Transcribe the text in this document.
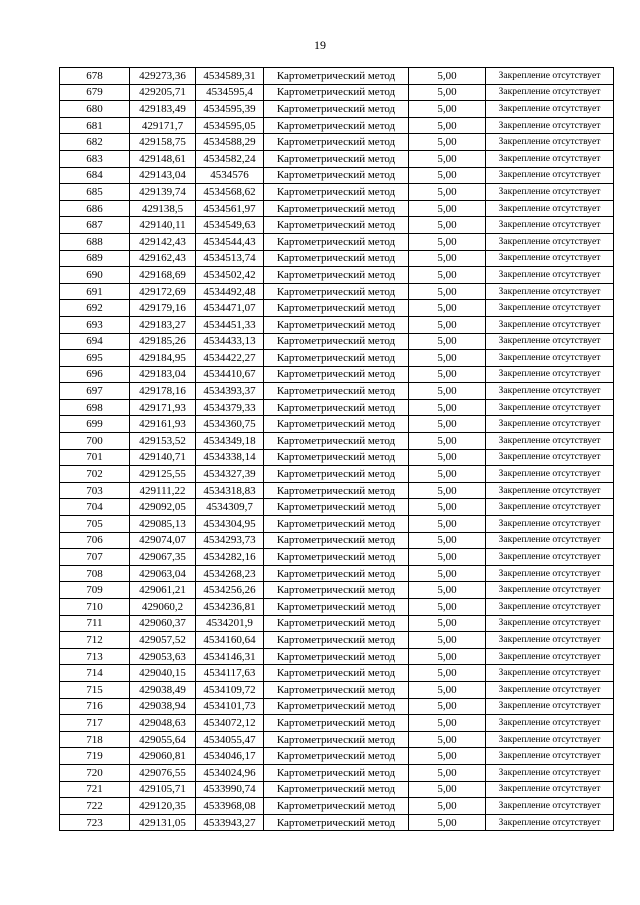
19
678	429273,36	4534589,31	Картометрический метод	5,00	Закрепление отсутствует
679	429205,71	4534595,4	Картометрический метод	5,00	Закрепление отсутствует
680	429183,49	4534595,39	Картометрический метод	5,00	Закрепление отсутствует
681	429171,7	4534595,05	Картометрический метод	5,00	Закрепление отсутствует
682	429158,75	4534588,29	Картометрический метод	5,00	Закрепление отсутствует
683	429148,61	4534582,24	Картометрический метод	5,00	Закрепление отсутствует
684	429143,04	4534576	Картометрический метод	5,00	Закрепление отсутствует
685	429139,74	4534568,62	Картометрический метод	5,00	Закрепление отсутствует
686	429138,5	4534561,97	Картометрический метод	5,00	Закрепление отсутствует
687	429140,11	4534549,63	Картометрический метод	5,00	Закрепление отсутствует
688	429142,43	4534544,43	Картометрический метод	5,00	Закрепление отсутствует
689	429162,43	4534513,74	Картометрический метод	5,00	Закрепление отсутствует
690	429168,69	4534502,42	Картометрический метод	5,00	Закрепление отсутствует
691	429172,69	4534492,48	Картометрический метод	5,00	Закрепление отсутствует
692	429179,16	4534471,07	Картометрический метод	5,00	Закрепление отсутствует
693	429183,27	4534451,33	Картометрический метод	5,00	Закрепление отсутствует
694	429185,26	4534433,13	Картометрический метод	5,00	Закрепление отсутствует
695	429184,95	4534422,27	Картометрический метод	5,00	Закрепление отсутствует
696	429183,04	4534410,67	Картометрический метод	5,00	Закрепление отсутствует
697	429178,16	4534393,37	Картометрический метод	5,00	Закрепление отсутствует
698	429171,93	4534379,33	Картометрический метод	5,00	Закрепление отсутствует
699	429161,93	4534360,75	Картометрический метод	5,00	Закрепление отсутствует
700	429153,52	4534349,18	Картометрический метод	5,00	Закрепление отсутствует
701	429140,71	4534338,14	Картометрический метод	5,00	Закрепление отсутствует
702	429125,55	4534327,39	Картометрический метод	5,00	Закрепление отсутствует
703	429111,22	4534318,83	Картометрический метод	5,00	Закрепление отсутствует
704	429092,05	4534309,7	Картометрический метод	5,00	Закрепление отсутствует
705	429085,13	4534304,95	Картометрический метод	5,00	Закрепление отсутствует
706	429074,07	4534293,73	Картометрический метод	5,00	Закрепление отсутствует
707	429067,35	4534282,16	Картометрический метод	5,00	Закрепление отсутствует
708	429063,04	4534268,23	Картометрический метод	5,00	Закрепление отсутствует
709	429061,21	4534256,26	Картометрический метод	5,00	Закрепление отсутствует
710	429060,2	4534236,81	Картометрический метод	5,00	Закрепление отсутствует
711	429060,37	4534201,9	Картометрический метод	5,00	Закрепление отсутствует
712	429057,52	4534160,64	Картометрический метод	5,00	Закрепление отсутствует
713	429053,63	4534146,31	Картометрический метод	5,00	Закрепление отсутствует
714	429040,15	4534117,63	Картометрический метод	5,00	Закрепление отсутствует
715	429038,49	4534109,72	Картометрический метод	5,00	Закрепление отсутствует
716	429038,94	4534101,73	Картометрический метод	5,00	Закрепление отсутствует
717	429048,63	4534072,12	Картометрический метод	5,00	Закрепление отсутствует
718	429055,64	4534055,47	Картометрический метод	5,00	Закрепление отсутствует
719	429060,81	4534046,17	Картометрический метод	5,00	Закрепление отсутствует
720	429076,55	4534024,96	Картометрический метод	5,00	Закрепление отсутствует
721	429105,71	4533990,74	Картометрический метод	5,00	Закрепление отсутствует
722	429120,35	4533968,08	Картометрический метод	5,00	Закрепление отсутствует
723	429131,05	4533943,27	Картометрический метод	5,00	Закрепление отсутствует
